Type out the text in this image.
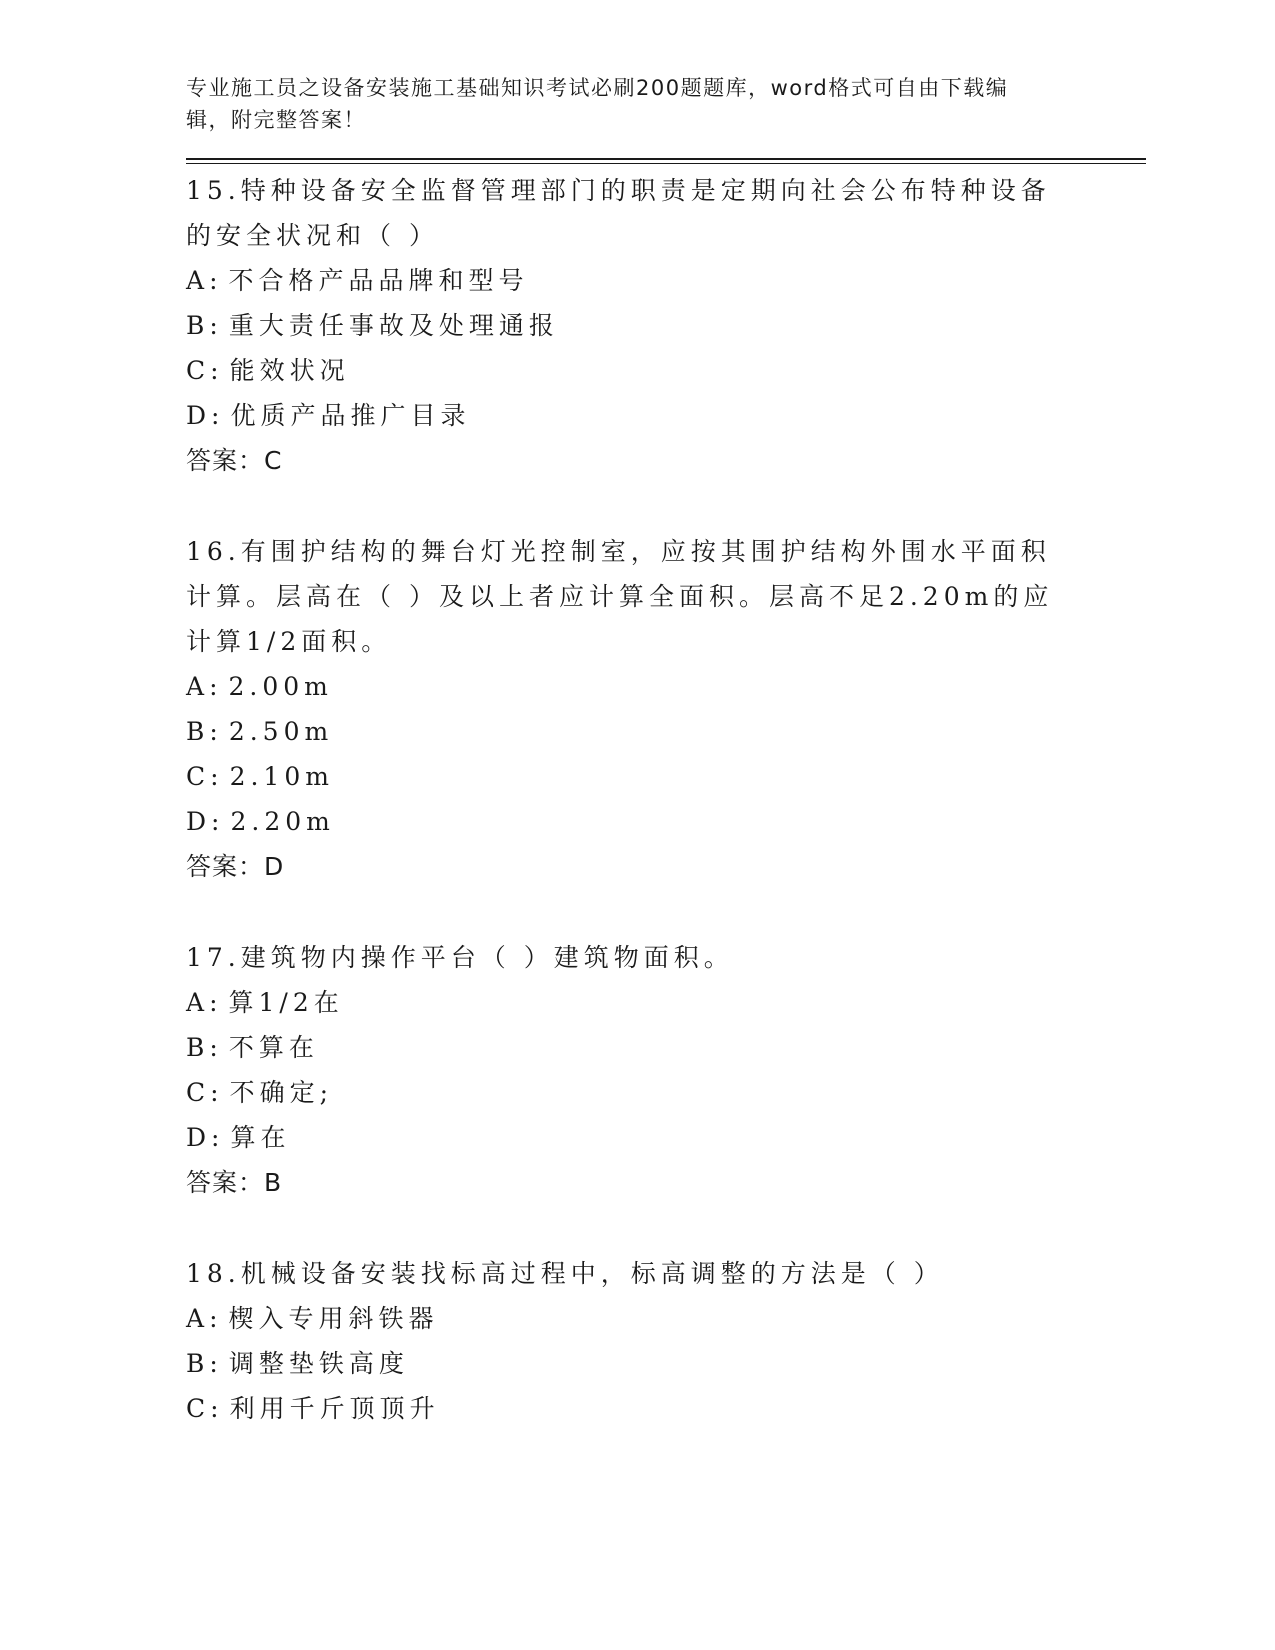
专业施工员之设备安装施工基础知识考试必刷200题题库，word格式可自由下载编辑，附完整答案！

15.特种设备安全监督管理部门的职责是定期向社会公布特种设备的安全状况和（ ）

A: 不合格产品品牌和型号

B: 重大责任事故及处理通报

C: 能效状况

D: 优质产品推广目录

答案：C

16.有围护结构的舞台灯光控制室，应按其围护结构外围水平面积计算。层高在（ ）及以上者应计算全面积。层高不足2.20m的应计算1/2面积。

A: 2.00m

B: 2.50m

C: 2.10m

D: 2.20m

答案：D

17.建筑物内操作平台（ ）建筑物面积。

A: 算1/2在

B: 不算在

C: 不确定;

D: 算在

答案：B

18.机械设备安装找标高过程中，标高调整的方法是（ ）

A: 楔入专用斜铁器

B: 调整垫铁高度

C: 利用千斤顶顶升
